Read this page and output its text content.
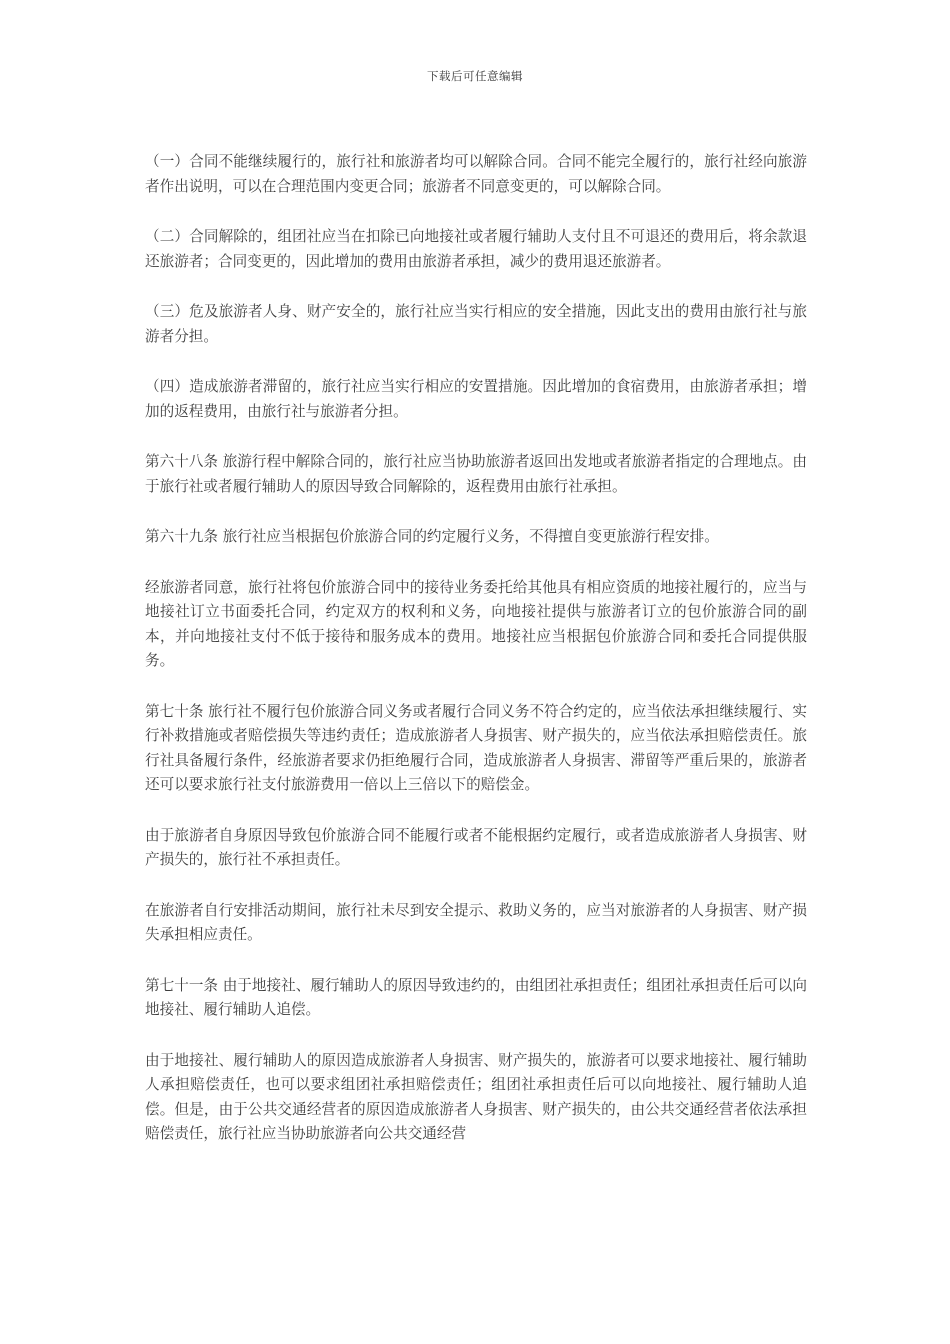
下载后可任意编辑

（一）合同不能继续履行的，旅行社和旅游者均可以解除合同。合同不能完全履行的，旅行社经向旅游者作出说明，可以在合理范围内变更合同；旅游者不同意变更的，可以解除合同。

（二）合同解除的，组团社应当在扣除已向地接社或者履行辅助人支付且不可退还的费用后，将余款退还旅游者；合同变更的，因此增加的费用由旅游者承担，减少的费用退还旅游者。

（三）危及旅游者人身、财产安全的，旅行社应当实行相应的安全措施，因此支出的费用由旅行社与旅游者分担。

（四）造成旅游者滞留的，旅行社应当实行相应的安置措施。因此增加的食宿费用，由旅游者承担；增加的返程费用，由旅行社与旅游者分担。

第六十八条 旅游行程中解除合同的，旅行社应当协助旅游者返回出发地或者旅游者指定的合理地点。由于旅行社或者履行辅助人的原因导致合同解除的，返程费用由旅行社承担。

第六十九条 旅行社应当根据包价旅游合同的约定履行义务，不得擅自变更旅游行程安排。

经旅游者同意，旅行社将包价旅游合同中的接待业务委托给其他具有相应资质的地接社履行的，应当与地接社订立书面委托合同，约定双方的权利和义务，向地接社提供与旅游者订立的包价旅游合同的副本，并向地接社支付不低于接待和服务成本的费用。地接社应当根据包价旅游合同和委托合同提供服务。

第七十条 旅行社不履行包价旅游合同义务或者履行合同义务不符合约定的，应当依法承担继续履行、实行补救措施或者赔偿损失等违约责任；造成旅游者人身损害、财产损失的，应当依法承担赔偿责任。旅行社具备履行条件，经旅游者要求仍拒绝履行合同，造成旅游者人身损害、滞留等严重后果的，旅游者还可以要求旅行社支付旅游费用一倍以上三倍以下的赔偿金。

由于旅游者自身原因导致包价旅游合同不能履行或者不能根据约定履行，或者造成旅游者人身损害、财产损失的，旅行社不承担责任。

在旅游者自行安排活动期间，旅行社未尽到安全提示、救助义务的，应当对旅游者的人身损害、财产损失承担相应责任。

第七十一条 由于地接社、履行辅助人的原因导致违约的，由组团社承担责任；组团社承担责任后可以向地接社、履行辅助人追偿。

由于地接社、履行辅助人的原因造成旅游者人身损害、财产损失的，旅游者可以要求地接社、履行辅助人承担赔偿责任，也可以要求组团社承担赔偿责任；组团社承担责任后可以向地接社、履行辅助人追偿。但是，由于公共交通经营者的原因造成旅游者人身损害、财产损失的，由公共交通经营者依法承担赔偿责任，旅行社应当协助旅游者向公共交通经营
